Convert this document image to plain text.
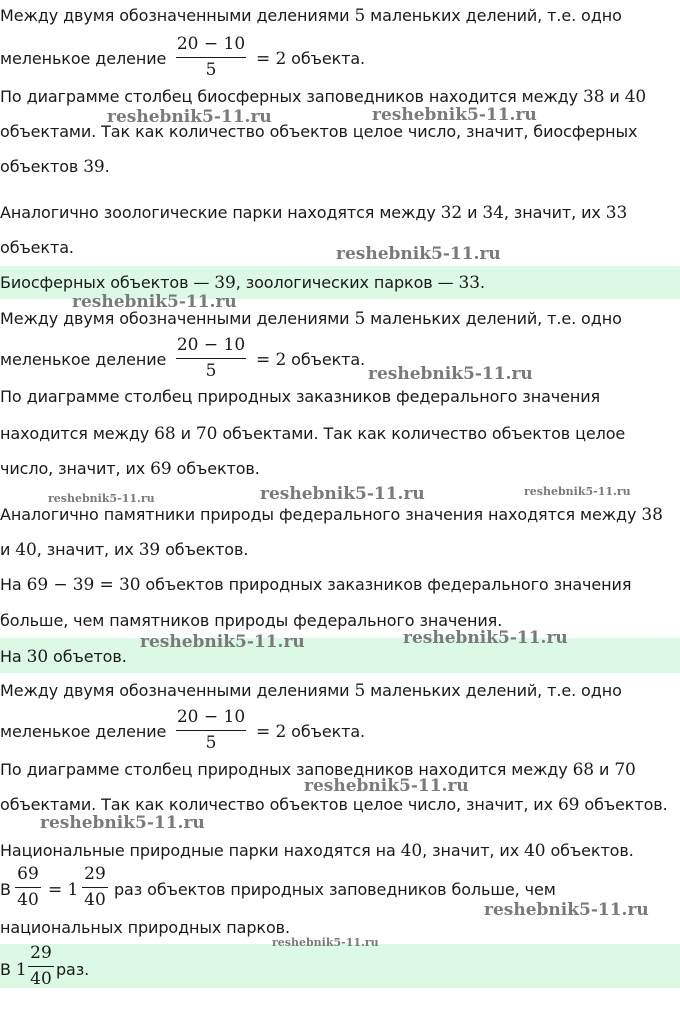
Между двумя обозначенными делениями 5 маленьких делений, т.е. одно
меленькое деление
20 − 10
5
= 2 объекта.
По диаграмме столбец биосферных заповедников находится между 38 и 40
объектами. Так как количество объектов целое число, значит, биосферных
объектов 39.
Аналогично зоологические парки находятся между 32 и 34, значит, их 33
объекта.
Биосферных объектов — 39, зоологических парков — 33.
Между двумя обозначенными делениями 5 маленьких делений, т.е. одно
меленькое деление
20 − 10
5
= 2 объекта.
По диаграмме столбец природных заказников федерального значения
находится между 68 и 70 объектами. Так как количество объектов целое
число, значит, их 69 объектов.
Аналогично памятники природы федерального значения находятся между 38
и 40, значит, их 39 объектов.
На 69 − 39 = 30 объектов природных заказников федерального значения
больше, чем памятников природы федерального значения.
На 30 объетов.
Между двумя обозначенными делениями 5 маленьких делений, т.е. одно
меленькое деление
20 − 10
5
= 2 объекта.
По диаграмме столбец природных заповедников находится между 68 и 70
объектами. Так как количество объектов целое число, значит, их 69 объектов.
Национальные природные парки находятся на 40, значит, их 40 объектов.
В
69
40 = 1
29
40
раз объектов природных заповедников больше, чем
национальных природных парков.
В 1
29
40 раз.
reshebnik5-11.ru	reshebnik5-11.ru
reshebnik5-11.ru
reshebnik5-11.ru
reshebnik5-11.ru
reshebnik5-11.ru	reshebnik5-11.ru	reshebnik5-11.ru
reshebnik5-11.ru	reshebnik5-11.ru
reshebnik5-11.ru
reshebnik5-11.ru
reshebnik5-11.ru
reshebnik5-11.ru
